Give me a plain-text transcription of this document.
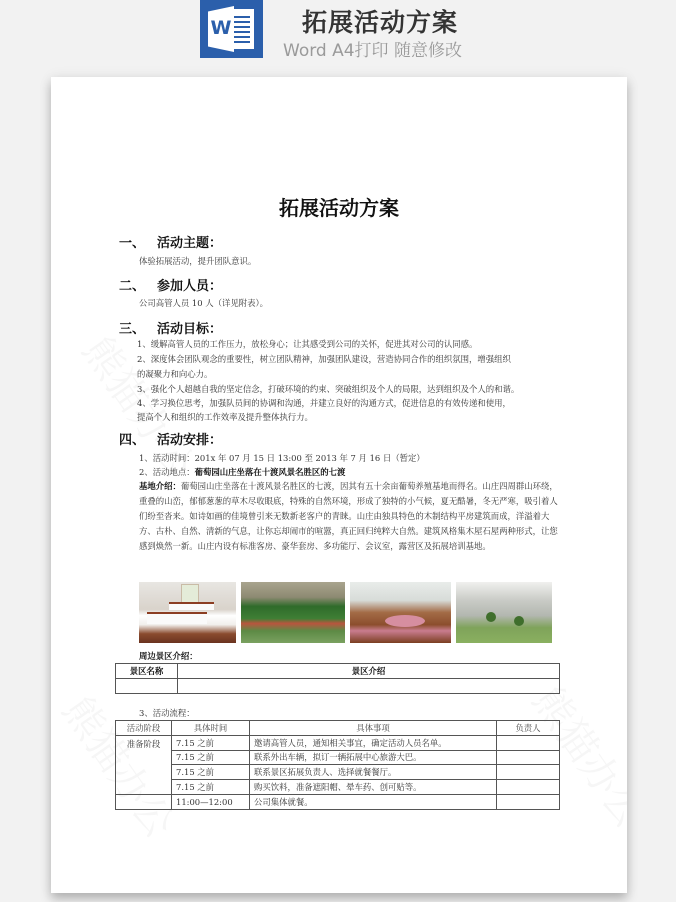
W	拓展活动方案
Word A4打印 随意修改
拓展活动方案
一、 活动主题：
体验拓展活动，提升团队意识。
二、 参加人员：
公司高管人员 10 人（详见附表）。
三、 活动目标：
1、缓解高管人员的工作压力，放松身心；让其感受到公司的关怀，促进其对公司的认同感。
2、深度体会团队观念的重要性，树立团队精神，加强团队建设，营造协同合作的组织氛围，增强组织
的凝聚力和向心力。
3、强化个人超越自我的坚定信念，打破环境的约束、突破组织及个人的局限，达到组织及个人的和谐。
4、学习换位思考，加强队员间的协调和沟通，并建立良好的沟通方式，促进信息的有效传递和使用，
提高个人和组织的工作效率及提升整体执行力。
四、 活动安排：
1、活动时间：201x 年 07 月 15 日 13:00 至 2013 年 7 月 16 日（暂定）
2、活动地点：葡萄园山庄坐落在十渡风景名胜区的七渡
基地介绍：葡萄园山庄坐落在十渡风景名胜区的七渡，因其有五十余亩葡萄养殖基地而得名。山庄四周群山环绕，重叠的山峦，郁郁葱葱的草木尽收眼底，特殊的自然环境，形成了独特的小气候，夏无酷暑，冬无严寒，吸引着人们纷至沓来。如诗如画的佳境曾引来无数新老客户的青睐。山庄由独具特色的木制结构平房建筑而成，洋溢着大方、古朴、自然、清新的气息，让你忘却闹市的喧嚣，真正回归纯粹大自然。建筑风格集木屋石屋两种形式，让您感到焕然一新。山庄内设有标准客房、豪华套房、多功能厅、会议室，露营区及拓展培训基地。
周边景区介绍：
景区名称	景区介绍

3、活动流程：
活动阶段	具体时间	具体事项	负责人
准备阶段	7.15 之前	邀请高管人员，通知相关事宜，确定活动人员名单。	
	7.15 之前	联系外出车辆，拟订一辆拓展中心旅游大巴。	
	7.15 之前	联系景区拓展负责人、选择就餐餐厅。	
	7.15 之前	购买饮料，准备遮阳帽、晕车药、创可贴等。	
	11:00—12:00	公司集体就餐。	
